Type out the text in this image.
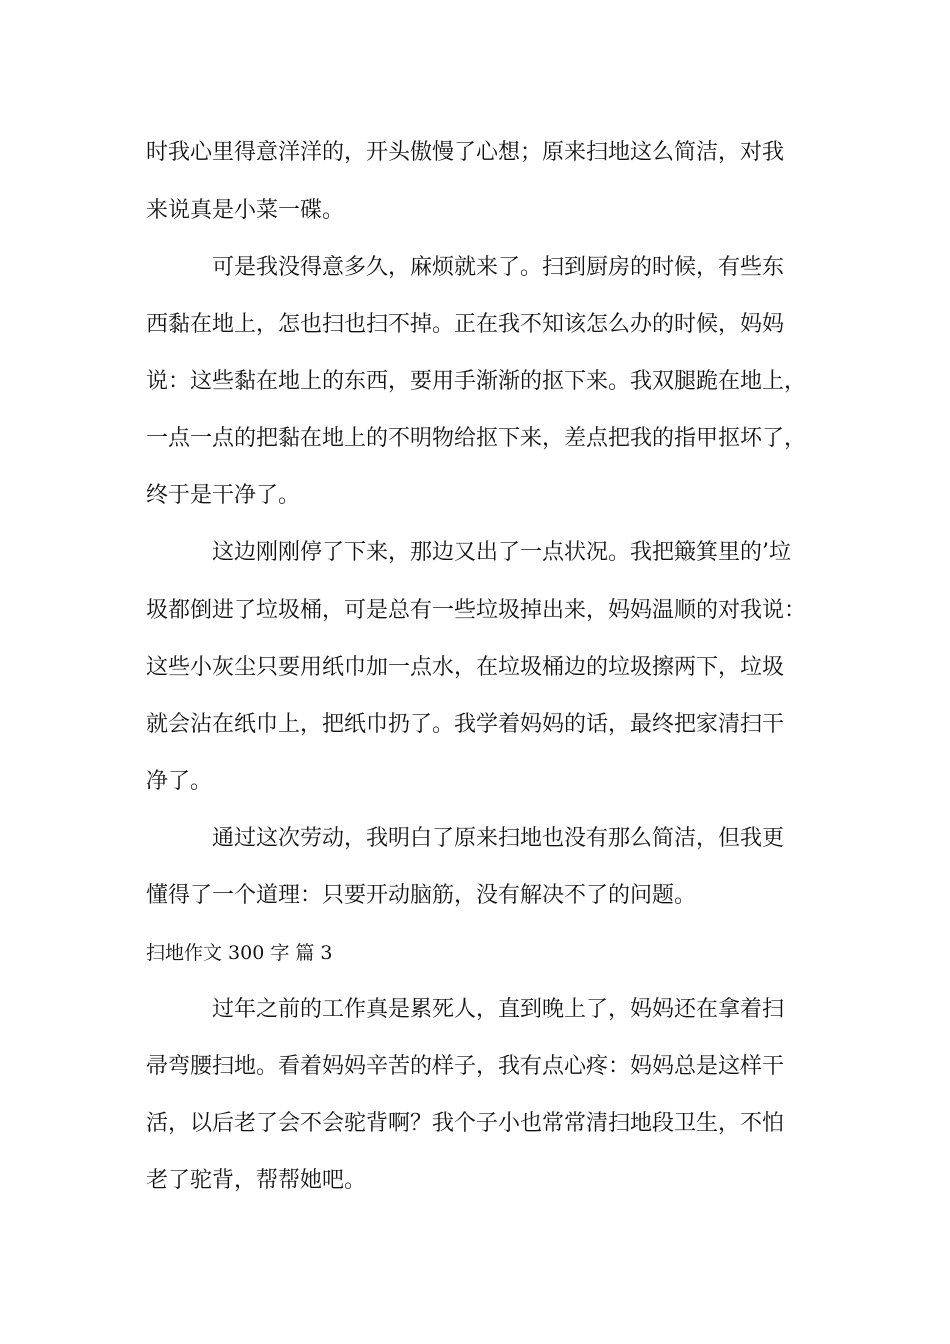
时我心里得意洋洋的，开头傲慢了心想；原来扫地这么简洁，对我
来说真是小菜一碟。
可是我没得意多久，麻烦就来了。扫到厨房的时候，有些东
西黏在地上，怎也扫也扫不掉。正在我不知该怎么办的时候，妈妈
说：这些黏在地上的东西，要用手渐渐的抠下来。我双腿跪在地上，
一点一点的把黏在地上的不明物给抠下来，差点把我的指甲抠坏了，
终于是干净了。
这边刚刚停了下来，那边又出了一点状况。我把簸箕里的’垃
圾都倒进了垃圾桶，可是总有一些垃圾掉出来，妈妈温顺的对我说：
这些小灰尘只要用纸巾加一点水，在垃圾桶边的垃圾擦两下，垃圾
就会沾在纸巾上，把纸巾扔了。我学着妈妈的话，最终把家清扫干
净了。
通过这次劳动，我明白了原来扫地也没有那么简洁，但我更
懂得了一个道理：只要开动脑筋，没有解决不了的问题。
扫地作文 300 字 篇 3
过年之前的工作真是累死人，直到晚上了，妈妈还在拿着扫
帚弯腰扫地。看着妈妈辛苦的样子，我有点心疼：妈妈总是这样干
活，以后老了会不会驼背啊？我个子小也常常清扫地段卫生，不怕
老了驼背，帮帮她吧。
